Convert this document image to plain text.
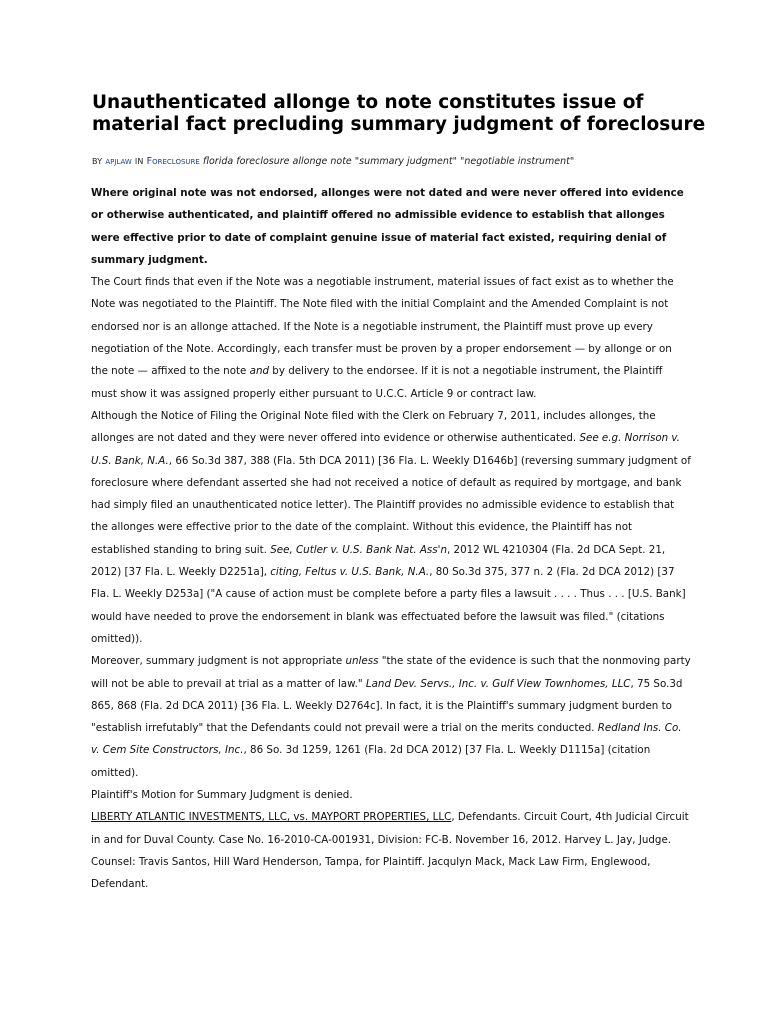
Unauthenticated allonge to note constitutes issue of material fact precluding summary judgment of foreclosure
BY apjlaw IN Foreclosure florida foreclosure allonge note "summary judgment" "negotiable instrument"

Where original note was not endorsed, allonges were not dated and were never offered into evidence or otherwise authenticated, and plaintiff offered no admissible evidence to establish that allonges were effective prior to date of complaint genuine issue of material fact existed, requiring denial of summary judgment.

The Court finds that even if the Note was a negotiable instrument, material issues of fact exist as to whether the Note was negotiated to the Plaintiff. The Note filed with the initial Complaint and the Amended Complaint is not endorsed nor is an allonge attached. If the Note is a negotiable instrument, the Plaintiff must prove up every negotiation of the Note. Accordingly, each transfer must be proven by a proper endorsement — by allonge or on the note — affixed to the note and by delivery to the endorsee. If it is not a negotiable instrument, the Plaintiff must show it was assigned properly either pursuant to U.C.C. Article 9 or contract law.

Although the Notice of Filing the Original Note filed with the Clerk on February 7, 2011, includes allonges, the allonges are not dated and they were never offered into evidence or otherwise authenticated. See e.g. Norrison v. U.S. Bank, N.A., 66 So.3d 387, 388 (Fla. 5th DCA 2011) [36 Fla. L. Weekly D1646b] (reversing summary judgment of foreclosure where defendant asserted she had not received a notice of default as required by mortgage, and bank had simply filed an unauthenticated notice letter). The Plaintiff provides no admissible evidence to establish that the allonges were effective prior to the date of the complaint. Without this evidence, the Plaintiff has not established standing to bring suit. See, Cutler v. U.S. Bank Nat. Ass'n, 2012 WL 4210304 (Fla. 2d DCA Sept. 21, 2012) [37 Fla. L. Weekly D2251a], citing, Feltus v. U.S. Bank, N.A., 80 So.3d 375, 377 n. 2 (Fla. 2d DCA 2012) [37 Fla. L. Weekly D253a] ("A cause of action must be complete before a party files a lawsuit . . . . Thus . . . [U.S. Bank] would have needed to prove the endorsement in blank was effectuated before the lawsuit was filed." (citations omitted)).

Moreover, summary judgment is not appropriate unless "the state of the evidence is such that the nonmoving party will not be able to prevail at trial as a matter of law." Land Dev. Servs., Inc. v. Gulf View Townhomes, LLC, 75 So.3d 865, 868 (Fla. 2d DCA 2011) [36 Fla. L. Weekly D2764c]. In fact, it is the Plaintiff's summary judgment burden to "establish irrefutably" that the Defendants could not prevail were a trial on the merits conducted. Redland Ins. Co. v. Cem Site Constructors, Inc., 86 So. 3d 1259, 1261 (Fla. 2d DCA 2012) [37 Fla. L. Weekly D1115a] (citation omitted).

Plaintiff's Motion for Summary Judgment is denied.

LIBERTY ATLANTIC INVESTMENTS, LLC, vs. MAYPORT PROPERTIES, LLC, Defendants. Circuit Court, 4th Judicial Circuit in and for Duval County. Case No. 16-2010-CA-001931, Division: FC-B. November 16, 2012. Harvey L. Jay, Judge. Counsel: Travis Santos, Hill Ward Henderson, Tampa, for Plaintiff. Jacqulyn Mack, Mack Law Firm, Englewood, Defendant.
